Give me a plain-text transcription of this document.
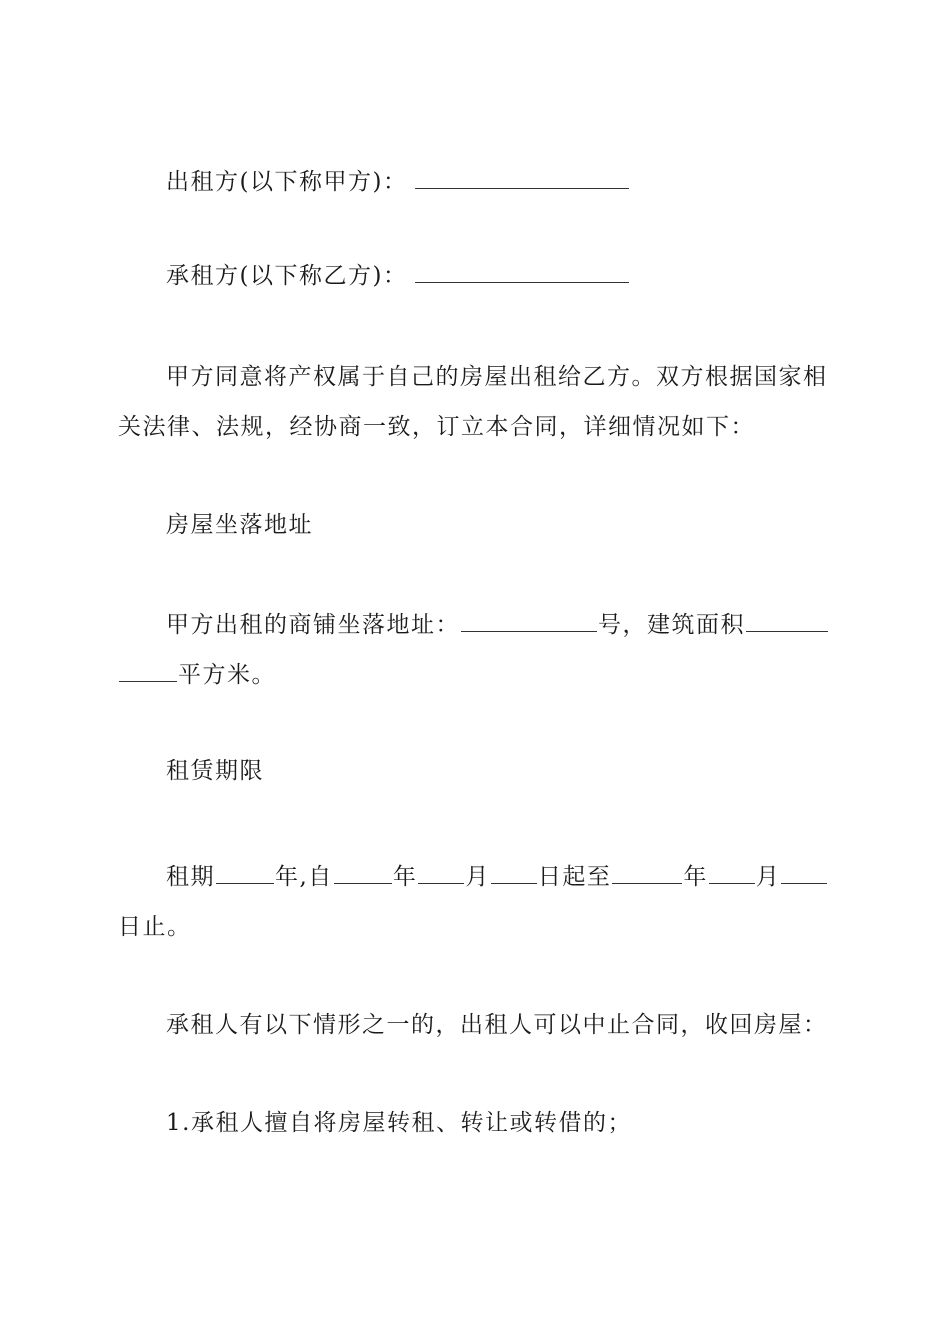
出租方(以下称甲方)：

承租方(以下称乙方)：

甲方同意将产权属于自己的房屋出租给乙方。双方根据国家相关法律、法规，经协商一致，订立本合同，详细情况如下：

房屋坐落地址

甲方出租的商铺坐落地址：	号，建筑面积平方米。

租赁期限

租期	年,自	年 月 日起至	年 月日止。

承租人有以下情形之一的，出租人可以中止合同，收回房屋：

1.承租人擅自将房屋转租、转让或转借的；
